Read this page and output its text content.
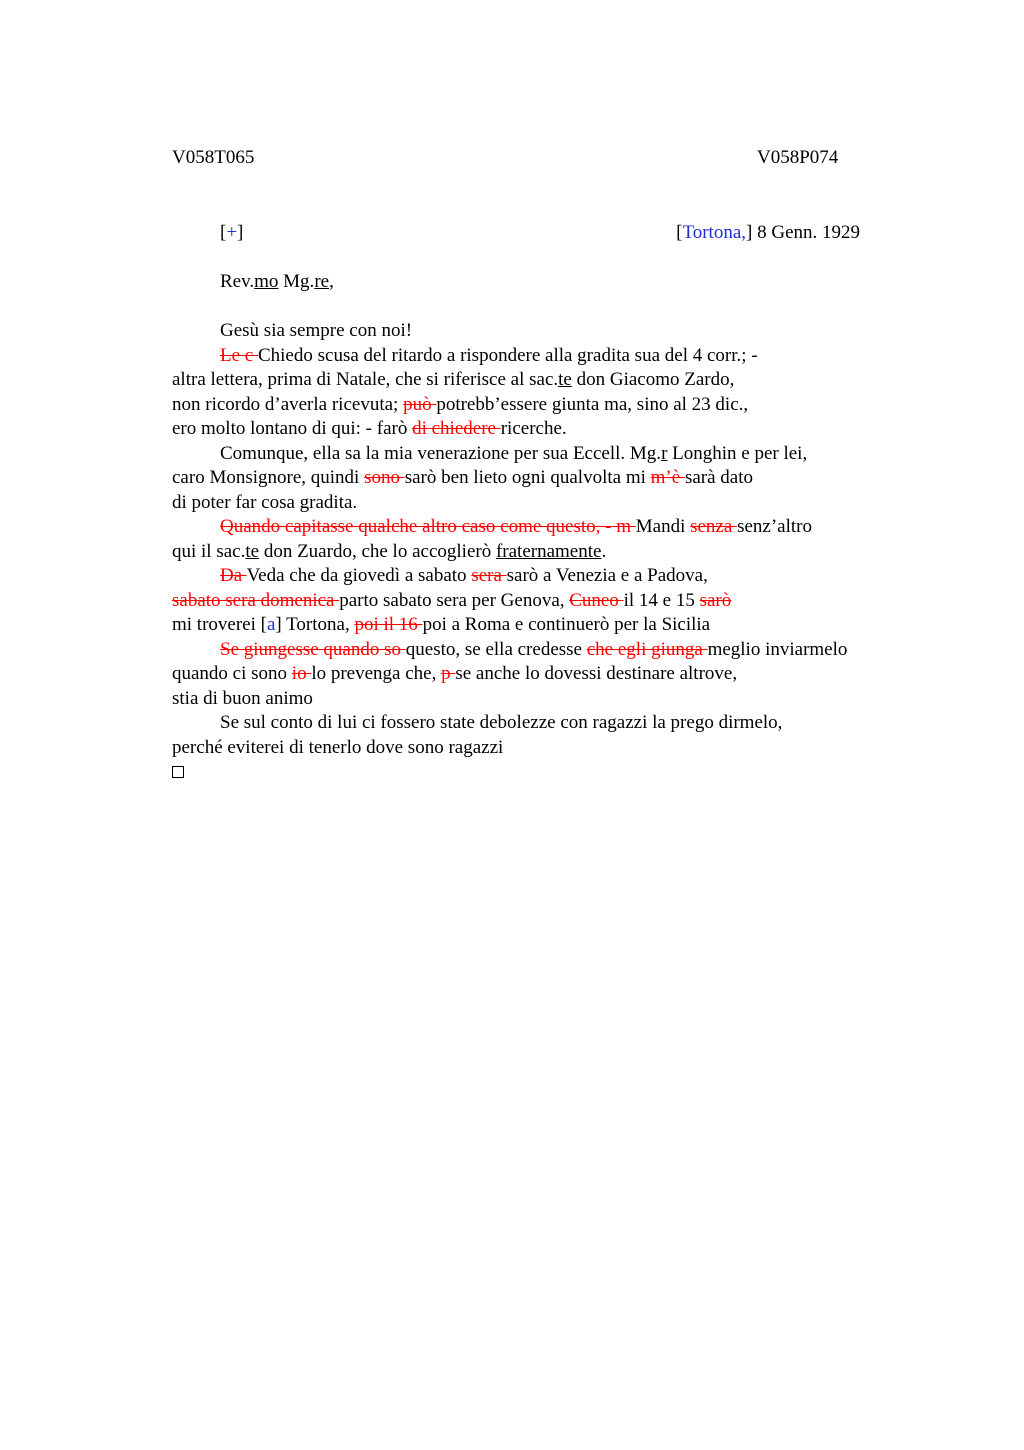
V058T065	V058P074
[+]	[Tortona,] 8 Genn. 1929
Rev.mo Mg.re,
Gesù sia sempre con noi!
Le c Chiedo scusa del ritardo a rispondere alla gradita sua del 4 corr.; -
altra lettera, prima di Natale, che si riferisce al sac.te don Giacomo Zardo,
non ricordo d’averla ricevuta; può potrebb’essere giunta ma, sino al 23 dic.,
ero molto lontano di qui: - farò di chiedere ricerche.
Comunque, ella sa la mia venerazione per sua Eccell. Mg.r Longhin e per lei,
caro Monsignore, quindi sono sarò ben lieto ogni qualvolta mi m’è sarà dato
di poter far cosa gradita.
Quando capitasse qualche altro caso come questo, - m Mandi senza senz’altro
qui il sac.te don Zuardo, che lo accoglierò fraternamente.
Da Veda che da giovedì a sabato sera sarò a Venezia e a Padova,
sabato sera domenica parto sabato sera per Genova, Cuneo il 14 e 15 sarò
mi troverei [a] Tortona, poi il 16 poi a Roma e continuerò per la Sicilia
Se giungesse quando so questo, se ella credesse che egli giunga meglio inviarmelo
quando ci sono io lo prevenga che, p se anche lo dovessi destinare altrove,
stia di buon animo
Se sul conto di lui ci fossero state debolezze con ragazzi la prego dirmelo,
perché eviterei di tenerlo dove sono ragazzi
